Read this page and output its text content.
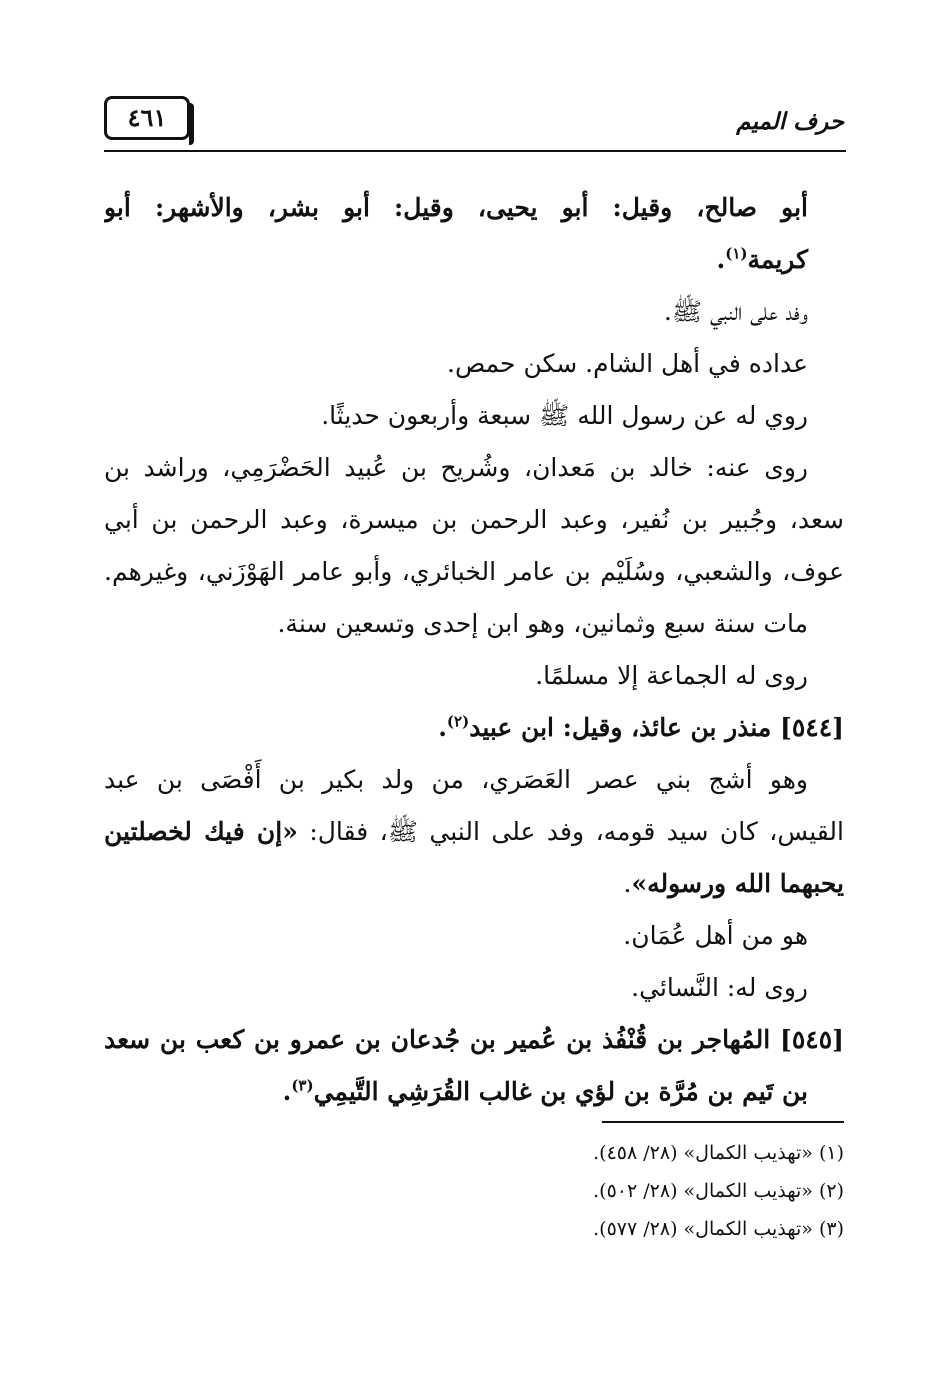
٤٦١	حرف الميم
أبو صالح، وقيل: أبو يحيى، وقيل: أبو بشر، والأشهر: أبو
كريمة$^{(١)}$.
وفد على النبي ﷺ.
عداده في أهل الشام. سكن حمص.
روي له عن رسول الله ﷺ سبعة وأربعون حديثًا.
روى عنه: خالد بن مَعدان، وشُريح بن عُبيد الحَضْرَمِي، وراشد بن
سعد، وجُبير بن نُفير، وعبد الرحمن بن ميسرة، وعبد الرحمن بن أبي
عوف، والشعبي، وسُلَيْم بن عامر الخبائري، وأبو عامر الهَوْزَني، وغيرهم.
مات سنة سبع وثمانين، وهو ابن إحدى وتسعين سنة.
روى له الجماعة إلا مسلمًا.
[٥٤٤] منذر بن عائذ، وقيل: ابن عبيد$^{(٢)}$.
وهو أشج بني عصر العَصَري، من ولد بكير بن أَفْصَى بن عبد
القيس، كان سيد قومه، وفد على النبي ﷺ، فقال: «إن فيك لخصلتين
يحبهما الله ورسوله».
هو من أهل عُمَان.
روى له: النَّسائي.
[٥٤٥] المُهاجر بن قُنْفُذ بن عُمير بن جُدعان بن عمرو بن كعب بن سعد
بن تَيم بن مُرَّة بن لؤي بن غالب القُرَشِي التَّيمِي$^{(٣)}$.
(١) «تهذيب الكمال» (٢٨/ ٤٥٨).
(٢) «تهذيب الكمال» (٢٨/ ٥٠٢).
(٣) «تهذيب الكمال» (٢٨/ ٥٧٧).
